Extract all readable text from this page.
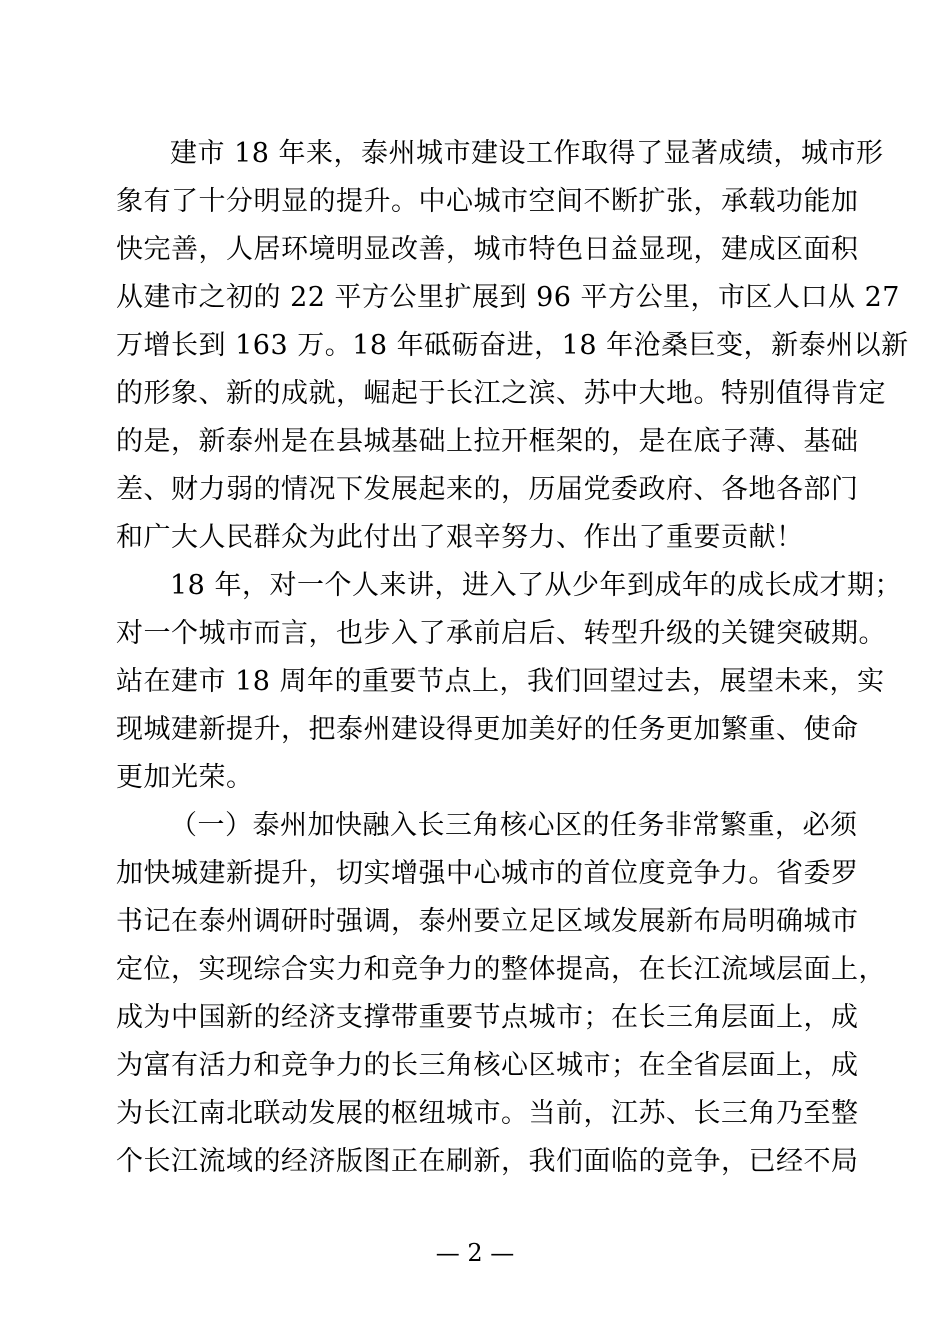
建市 18 年来，泰州城市建设工作取得了显著成绩，城市形
象有了十分明显的提升。中心城市空间不断扩张，承载功能加
快完善，人居环境明显改善，城市特色日益显现，建成区面积
从建市之初的 22 平方公里扩展到 96 平方公里，市区人口从 27
万增长到 163 万。18 年砥砺奋进，18 年沧桑巨变，新泰州以新
的形象、新的成就，崛起于长江之滨、苏中大地。特别值得肯定
的是，新泰州是在县城基础上拉开框架的，是在底子薄、基础
差、财力弱的情况下发展起来的，历届党委政府、各地各部门
和广大人民群众为此付出了艰辛努力、作出了重要贡献！
18 年，对一个人来讲，进入了从少年到成年的成长成才期；
对一个城市而言，也步入了承前启后、转型升级的关键突破期。
站在建市 18 周年的重要节点上，我们回望过去，展望未来，实
现城建新提升，把泰州建设得更加美好的任务更加繁重、使命
更加光荣。
（一）泰州加快融入长三角核心区的任务非常繁重，必须
加快城建新提升，切实增强中心城市的首位度竞争力。省委罗
书记在泰州调研时强调，泰州要立足区域发展新布局明确城市
定位，实现综合实力和竞争力的整体提高，在长江流域层面上，
成为中国新的经济支撑带重要节点城市；在长三角层面上，成
为富有活力和竞争力的长三角核心区城市；在全省层面上，成
为长江南北联动发展的枢纽城市。当前，江苏、长三角乃至整
个长江流域的经济版图正在刷新，我们面临的竞争，已经不局
— 2 —
